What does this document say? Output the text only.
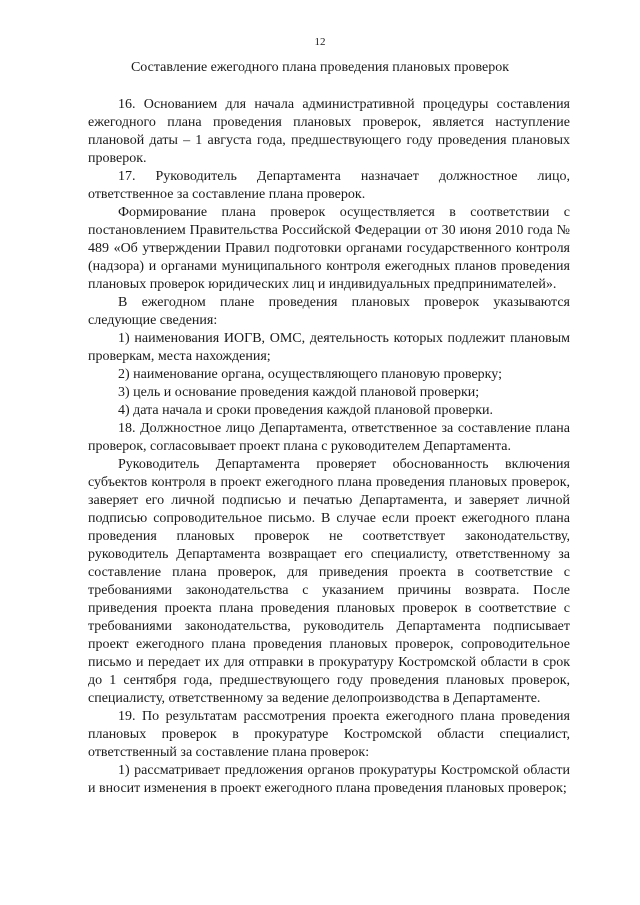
12
Составление ежегодного плана проведения плановых проверок

16. Основанием для начала административной процедуры составления ежегодного плана проведения плановых проверок, является наступление плановой даты – 1 августа года, предшествующего году проведения плановых проверок.

17. Руководитель Департамента назначает должностное лицо, ответственное за составление плана проверок.

Формирование плана проверок осуществляется в соответствии с постановлением Правительства Российской Федерации от 30 июня 2010 года № 489 «Об утверждении Правил подготовки органами государственного контроля (надзора) и органами муниципального контроля ежегодных планов проведения плановых проверок юридических лиц и индивидуальных предпринимателей».

В ежегодном плане проведения плановых проверок указываются следующие сведения:

1) наименования ИОГВ, ОМС, деятельность которых подлежит плановым проверкам, места нахождения;

2) наименование органа, осуществляющего плановую проверку;

3) цель и основание проведения каждой плановой проверки;

4) дата начала и сроки проведения каждой плановой проверки.

18. Должностное лицо Департамента, ответственное за составление плана проверок, согласовывает проект плана с руководителем Департамента.

Руководитель Департамента проверяет обоснованность включения субъектов контроля в проект ежегодного плана проведения плановых проверок, заверяет его личной подписью и печатью Департамента, и заверяет личной подписью сопроводительное письмо. В случае если проект ежегодного плана проведения плановых проверок не соответствует законодательству, руководитель Департамента возвращает его специалисту, ответственному за составление плана проверок, для приведения проекта в соответствие с требованиями законодательства с указанием причины возврата. После приведения проекта плана проведения плановых проверок в соответствие с требованиями законодательства, руководитель Департамента подписывает проект ежегодного плана проведения плановых проверок, сопроводительное письмо и передает их для отправки в прокуратуру Костромской области в срок до 1 сентября года, предшествующего году проведения плановых проверок, специалисту, ответственному за ведение делопроизводства в Департаменте.

19. По результатам рассмотрения проекта ежегодного плана проведения плановых проверок в прокуратуре Костромской области специалист, ответственный за составление плана проверок:

1) рассматривает предложения органов прокуратуры Костромской области и вносит изменения в проект ежегодного плана проведения плановых проверок;
